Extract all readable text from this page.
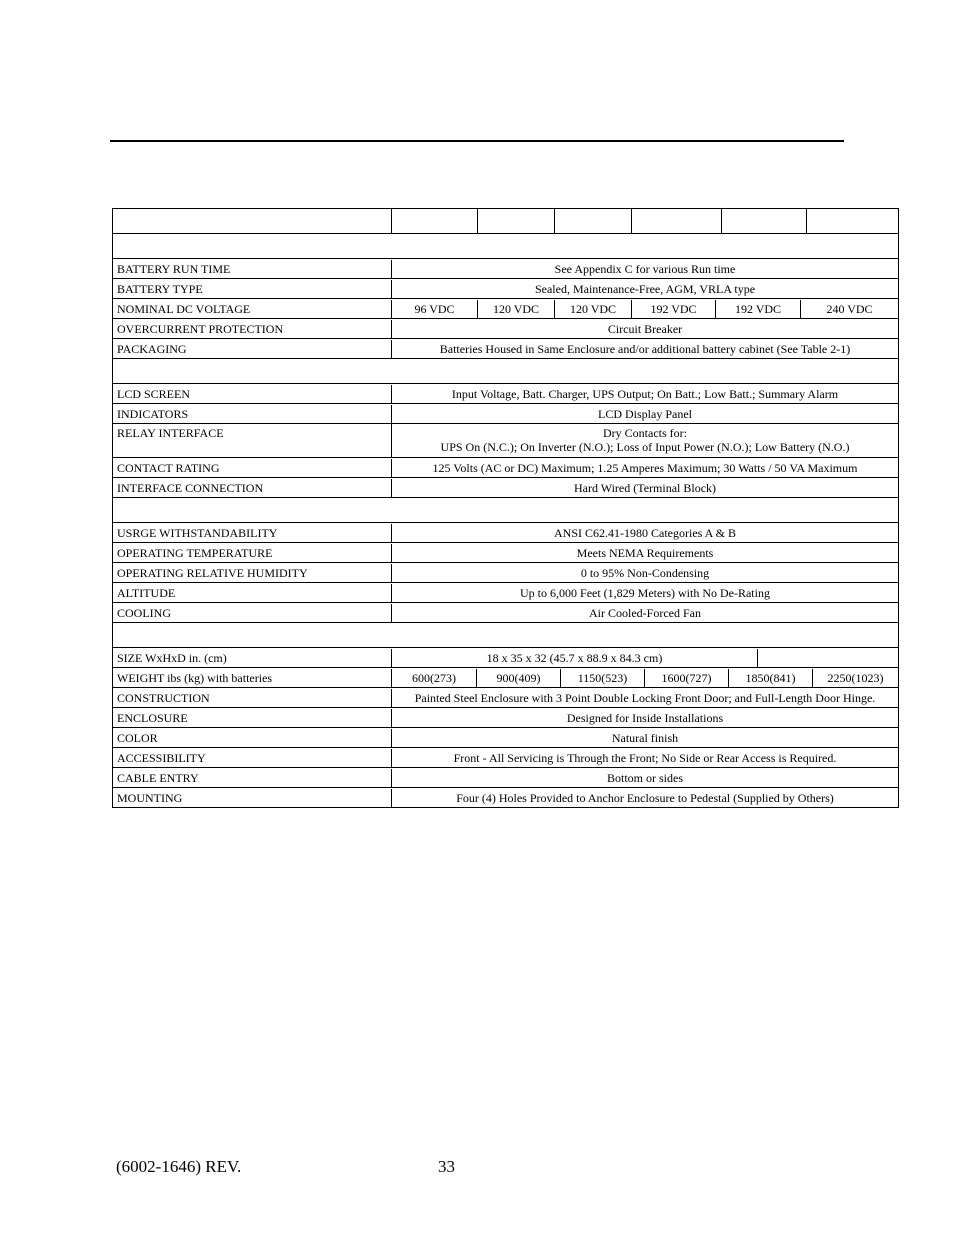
BATTERY RUN TIME	See Appendix C for various Run time
BATTERY TYPE	Sealed, Maintenance-Free, AGM, VRLA type
NOMINAL DC VOLTAGE	96 VDC	120 VDC	120 VDC	192 VDC	192 VDC	240 VDC
OVERCURRENT PROTECTION	Circuit Breaker
PACKAGING	Batteries Housed in Same Enclosure and/or additional battery cabinet (See Table 2-1)
LCD SCREEN	Input Voltage, Batt. Charger, UPS Output; On Batt.; Low Batt.; Summary Alarm
INDICATORS	LCD Display Panel
RELAY INTERFACE	Dry Contacts for:
UPS On (N.C.); On Inverter (N.O.); Loss of Input Power (N.O.); Low Battery (N.O.)
CONTACT RATING	125 Volts (AC or DC) Maximum; 1.25 Amperes Maximum; 30 Watts / 50 VA Maximum
INTERFACE CONNECTION	Hard Wired (Terminal Block)
USRGE WITHSTANDABILITY	ANSI C62.41-1980 Categories A & B
OPERATING TEMPERATURE	Meets NEMA Requirements
OPERATING RELATIVE HUMIDITY	0 to 95% Non-Condensing
ALTITUDE	Up to 6,000 Feet (1,829 Meters) with No De-Rating
COOLING	Air Cooled-Forced Fan
SIZE WxHxD in. (cm)	18 x 35 x 32 (45.7 x 88.9 x 84.3 cm)
WEIGHT ibs (kg) with batteries	600(273)	900(409)	1150(523)	1600(727)	1850(841)	2250(1023)
CONSTRUCTION	Painted Steel Enclosure with 3 Point Double Locking Front Door; and Full-Length Door Hinge.
ENCLOSURE	Designed for Inside Installations
COLOR	Natural finish
ACCESSIBILITY	Front - All Servicing is Through the Front; No Side or Rear Access is Required.
CABLE ENTRY	Bottom or sides
MOUNTING	Four (4) Holes Provided to Anchor Enclosure to Pedestal (Supplied by Others)
(6002-1646) REV.	33
